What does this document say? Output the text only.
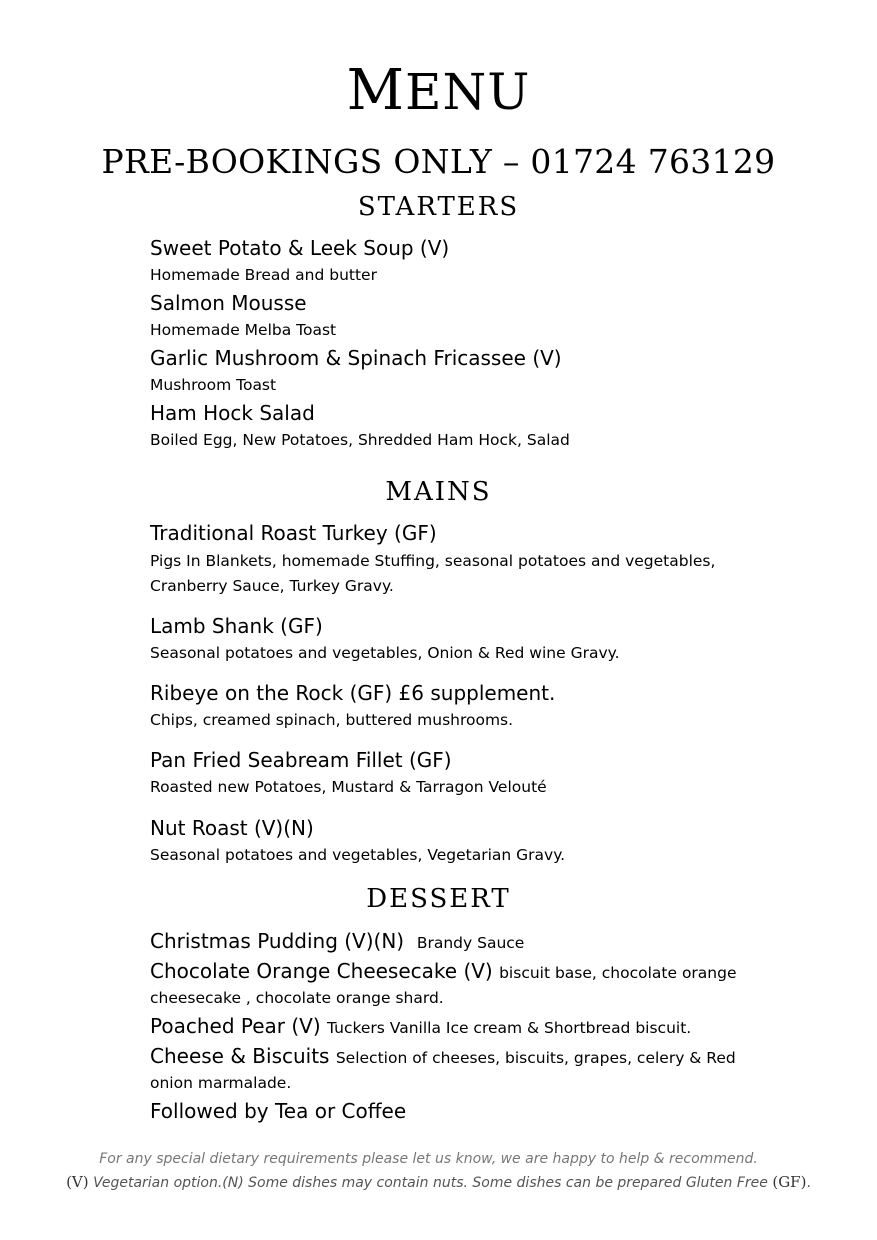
MENU
PRE-BOOKINGS ONLY – 01724 763129
STARTERS
Sweet Potato & Leek Soup (V)
Homemade Bread and butter
Salmon Mousse
Homemade Melba Toast
Garlic Mushroom & Spinach Fricassee (V)
Mushroom Toast
Ham Hock Salad
Boiled Egg, New Potatoes, Shredded Ham Hock, Salad
MAINS
Traditional Roast Turkey (GF)
Pigs In Blankets, homemade Stuffing, seasonal potatoes and vegetables,
Cranberry Sauce, Turkey Gravy.
Lamb Shank (GF)
Seasonal potatoes and vegetables, Onion & Red wine Gravy.
Ribeye on the Rock (GF) £6 supplement.
Chips, creamed spinach, buttered mushrooms.
Pan Fried Seabream Fillet (GF)
Roasted new Potatoes, Mustard & Tarragon Velouté
Nut Roast (V)(N)
Seasonal potatoes and vegetables, Vegetarian Gravy.
DESSERT
Christmas Pudding (V)(N) Brandy Sauce
Chocolate Orange Cheesecake (V) biscuit base, chocolate orange
cheesecake , chocolate orange shard.
Poached Pear (V) Tuckers Vanilla Ice cream & Shortbread biscuit.
Cheese & Biscuits Selection of cheeses, biscuits, grapes, celery & Red
onion marmalade.
Followed by Tea or Coffee
For any special dietary requirements please let us know, we are happy to help & recommend.
(V) Vegetarian option.(N) Some dishes may contain nuts. Some dishes can be prepared Gluten Free (GF).
